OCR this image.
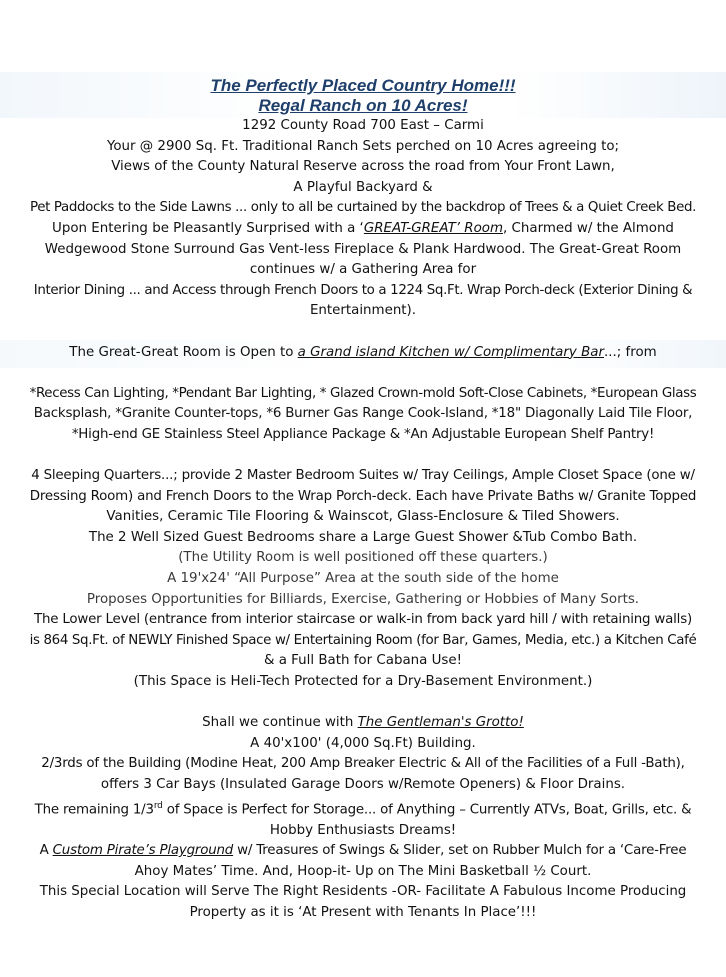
The Perfectly Placed Country Home!!!

Regal Ranch on 10 Acres!

1292 County Road 700 East – Carmi

Your @ 2900 Sq. Ft. Traditional Ranch Sets perched on 10 Acres agreeing to;

Views of the County Natural Reserve across the road from Your Front Lawn,

A Playful Backyard &

Pet Paddocks to the Side Lawns ... only to all be curtained by the backdrop of Trees & a Quiet Creek Bed.

Upon Entering be Pleasantly Surprised with a ‘GREAT-GREAT’ Room, Charmed w/ the Almond

Wedgewood Stone Surround Gas Vent-less Fireplace & Plank Hardwood. The Great-Great Room

continues w/ a Gathering Area for

Interior Dining ... and Access through French Doors to a 1224 Sq.Ft. Wrap Porch-deck (Exterior Dining &

Entertainment).

The Great-Great Room is Open to a Grand island Kitchen w/ Complimentary Bar...; from

*Recess Can Lighting, *Pendant Bar Lighting, * Glazed Crown-mold Soft-Close Cabinets, *European Glass

Backsplash, *Granite Counter-tops, *6 Burner Gas Range Cook-Island, *18" Diagonally Laid Tile Floor,

*High-end GE Stainless Steel Appliance Package & *An Adjustable European Shelf Pantry!

4 Sleeping Quarters...; provide 2 Master Bedroom Suites w/ Tray Ceilings, Ample Closet Space (one w/

Dressing Room) and French Doors to the Wrap Porch-deck. Each have Private Baths w/ Granite Topped

Vanities, Ceramic Tile Flooring & Wainscot, Glass-Enclosure & Tiled Showers.

The 2 Well Sized Guest Bedrooms share a Large Guest Shower &Tub Combo Bath.

(The Utility Room is well positioned off these quarters.)

A 19'x24' “All Purpose” Area at the south side of the home

Proposes Opportunities for Billiards, Exercise, Gathering or Hobbies of Many Sorts.

The Lower Level (entrance from interior staircase or walk-in from back yard hill / with retaining walls)

is 864 Sq.Ft. of NEWLY Finished Space w/ Entertaining Room (for Bar, Games, Media, etc.) a Kitchen Café

& a Full Bath for Cabana Use!

(This Space is Heli-Tech Protected for a Dry-Basement Environment.)

Shall we continue with The Gentleman's Grotto!

A 40'x100' (4,000 Sq.Ft) Building.

2/3rds of the Building (Modine Heat, 200 Amp Breaker Electric & All of the Facilities of a Full -Bath),

offers 3 Car Bays (Insulated Garage Doors w/Remote Openers) & Floor Drains.

The remaining 1/3rd of Space is Perfect for Storage... of Anything – Currently ATVs, Boat, Grills, etc. &

Hobby Enthusiasts Dreams!

A Custom Pirate’s Playground w/ Treasures of Swings & Slider, set on Rubber Mulch for a ‘Care-Free

Ahoy Mates’ Time. And, Hoop-it- Up on The Mini Basketball ½ Court.

This Special Location will Serve The Right Residents -OR- Facilitate A Fabulous Income Producing

Property as it is ‘At Present with Tenants In Place’!!!
